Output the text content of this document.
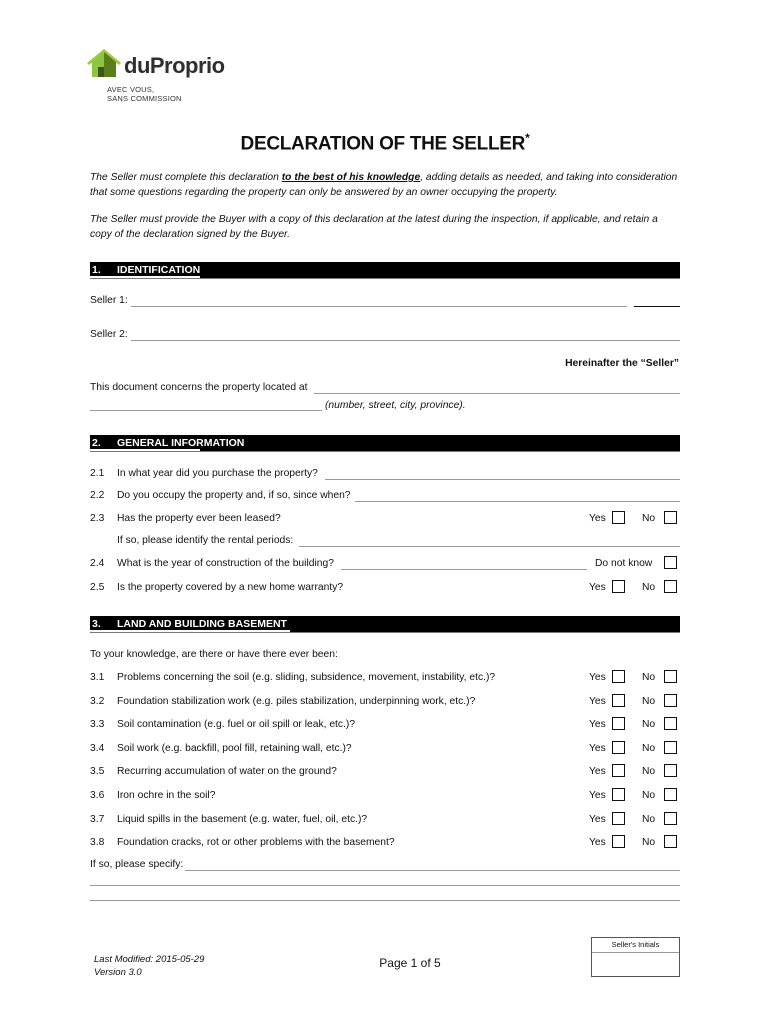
duProprio
AVEC VOUS,
SANS COMMISSION
DECLARATION OF THE SELLER*
The Seller must complete this declaration to the best of his knowledge, adding details as needed, and taking into consideration that some questions regarding the property can only be answered by an owner occupying the property.
The Seller must provide the Buyer with a copy of this declaration at the latest during the inspection, if applicable, and retain a copy of the declaration signed by the Buyer.
1. IDENTIFICATION
Seller 1:
Seller 2:
Hereinafter the “Seller”
This document concerns the property located at
(number, street, city, province).
2. GENERAL INFORMATION
2.1 In what year did you purchase the property?
2.2 Do you occupy the property and, if so, since when?
2.3 Has the property ever been leased?	Yes	No
If so, please identify the rental periods:
2.4 What is the year of construction of the building?	Do not know
2.5 Is the property covered by a new home warranty?	Yes	No
3. LAND AND BUILDING BASEMENT
To your knowledge, are there or have there ever been:
3.1 Problems concerning the soil (e.g. sliding, subsidence, movement, instability, etc.)?	Yes	No
3.2 Foundation stabilization work (e.g. piles stabilization, underpinning work, etc.)?	Yes	No
3.3 Soil contamination (e.g. fuel or oil spill or leak, etc.)?	Yes	No
3.4 Soil work (e.g. backfill, pool fill, retaining wall, etc.)?	Yes	No
3.5 Recurring accumulation of water on the ground?	Yes	No
3.6 Iron ochre in the soil?	Yes	No
3.7 Liquid spills in the basement (e.g. water, fuel, oil, etc.)?	Yes	No
3.8 Foundation cracks, rot or other problems with the basement?	Yes	No
If so, please specify:
Last Modified: 2015-05-29
Version 3.0
Page 1 of 5
Seller's Initials
